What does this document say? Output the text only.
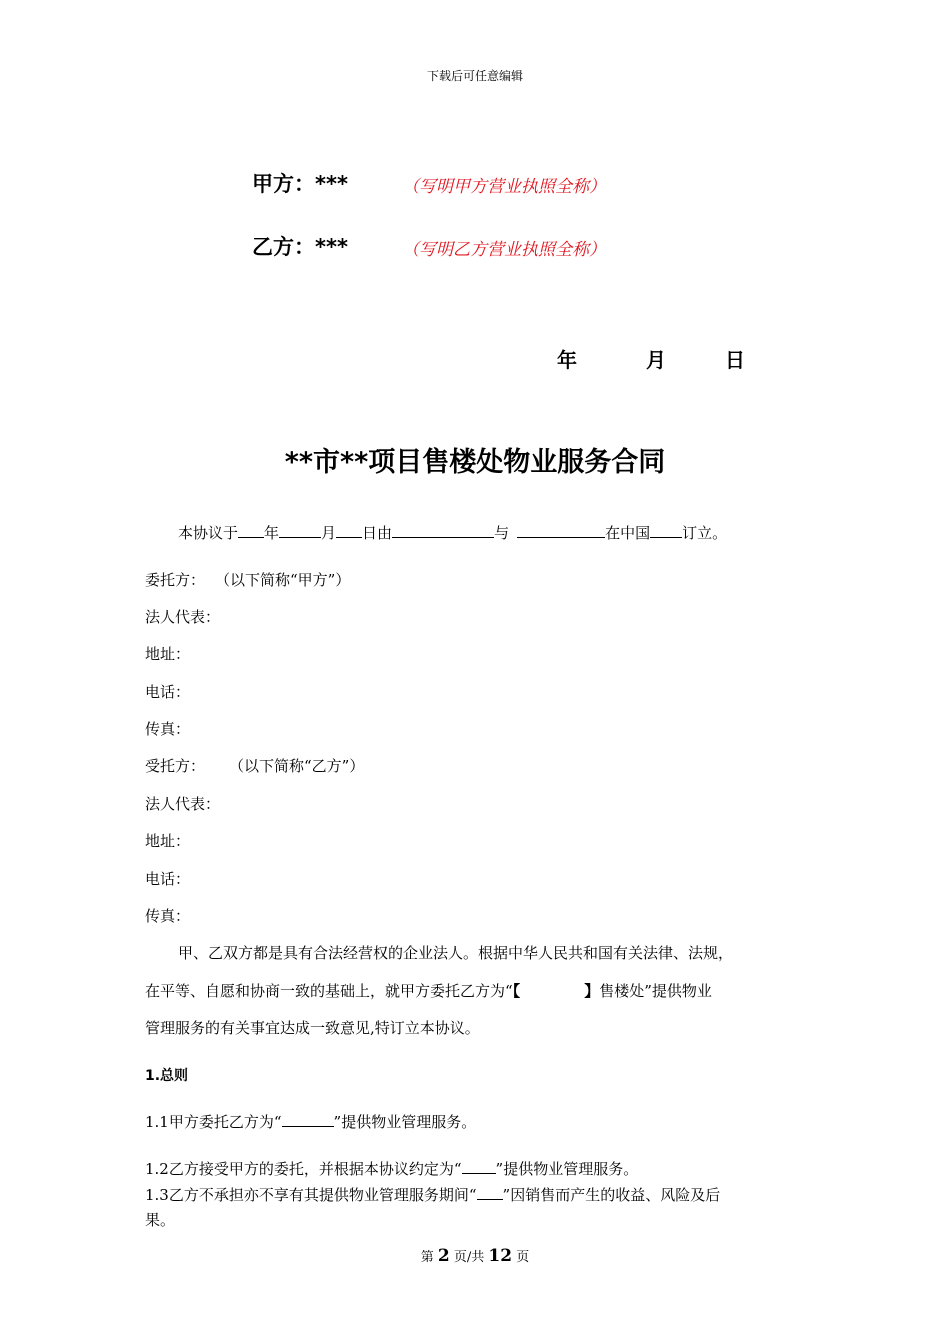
下载后可任意编辑
甲方：***	（写明甲方营业执照全称）
乙方：***	（写明乙方营业执照全称）
年	月	日
**市**项目售楼处物业服务合同
本协议于 年	月 日由	与	在中国 订立。
委托方： （以下简称“甲方”）
法人代表：
地址：
电话：
传真：
受托方： （以下简称“乙方”）
法人代表：
地址：
电话：
传真：
甲、乙双方都是具有合法经营权的企业法人。根据中华人民共和国有关法律、法规，
在平等、自愿和协商一致的基础上，就甲方委托乙方为“【	】售楼处”提供物业
管理服务的有关事宜达成一致意见,特订立本协议。
1.总则
1.1甲方委托乙方为“	”提供物业管理服务。
1.2乙方接受甲方的委托，并根据本协议约定为“ ”提供物业管理服务。
1.3乙方不承担亦不享有其提供物业管理服务期间“ ”因销售而产生的收益、风险及后
果。
第 2 页/共 12 页
